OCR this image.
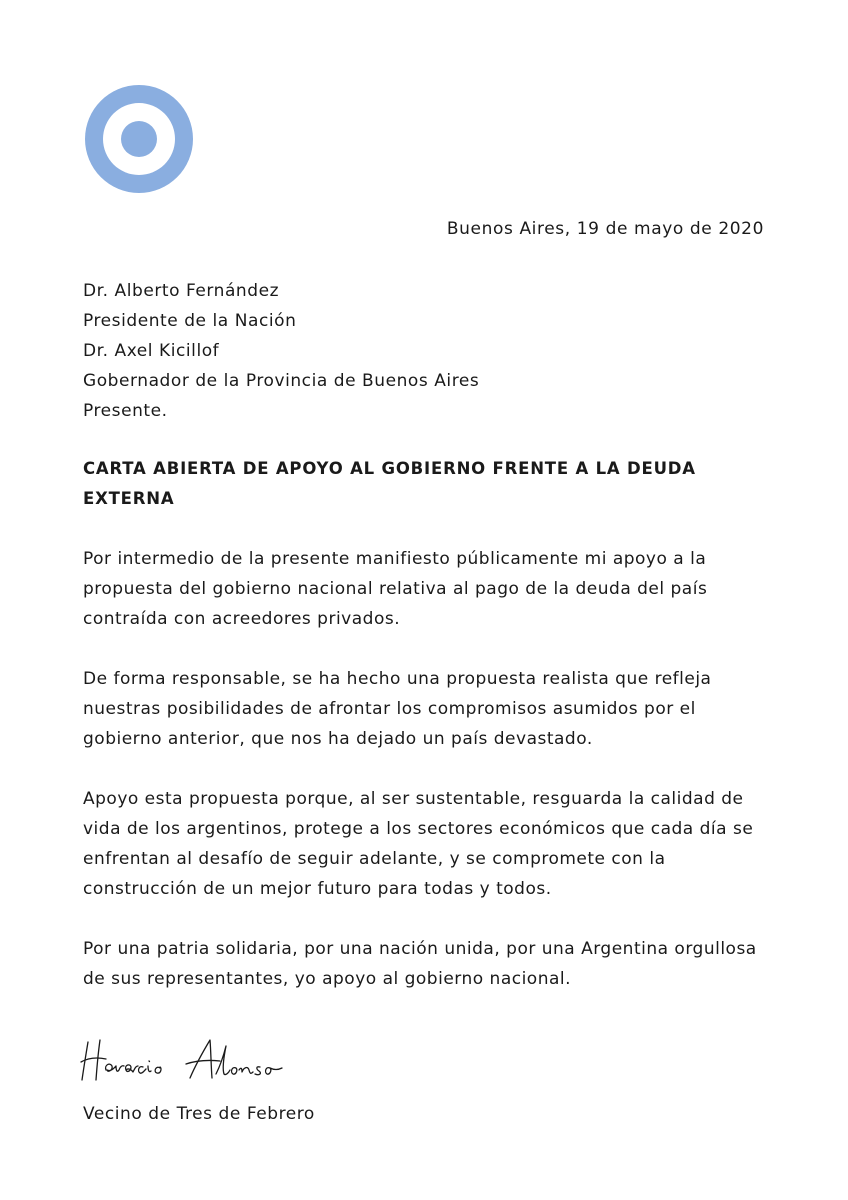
Buenos Aires, 19 de mayo de 2020
Dr. Alberto Fernández
Presidente de la Nación
Dr. Axel Kicillof
Gobernador de la Provincia de Buenos Aires
Presente.
CARTA ABIERTA DE APOYO AL GOBIERNO FRENTE A LA DEUDA EXTERNA

Por intermedio de la presente manifiesto públicamente mi apoyo a la propuesta del gobierno nacional relativa al pago de la deuda del país contraída con acreedores privados.

De forma responsable, se ha hecho una propuesta realista que refleja nuestras posibilidades de afrontar los compromisos asumidos por el gobierno anterior, que nos ha dejado un país devastado.

Apoyo esta propuesta porque, al ser sustentable, resguarda la calidad de vida de los argentinos, protege a los sectores económicos que cada día se enfrentan al desafío de seguir adelante, y se compromete con la construcción de un mejor futuro para todas y todos.

Por una patria solidaria, por una nación unida, por una Argentina orgullosa de sus representantes, yo apoyo al gobierno nacional.

Vecino de Tres de Febrero
